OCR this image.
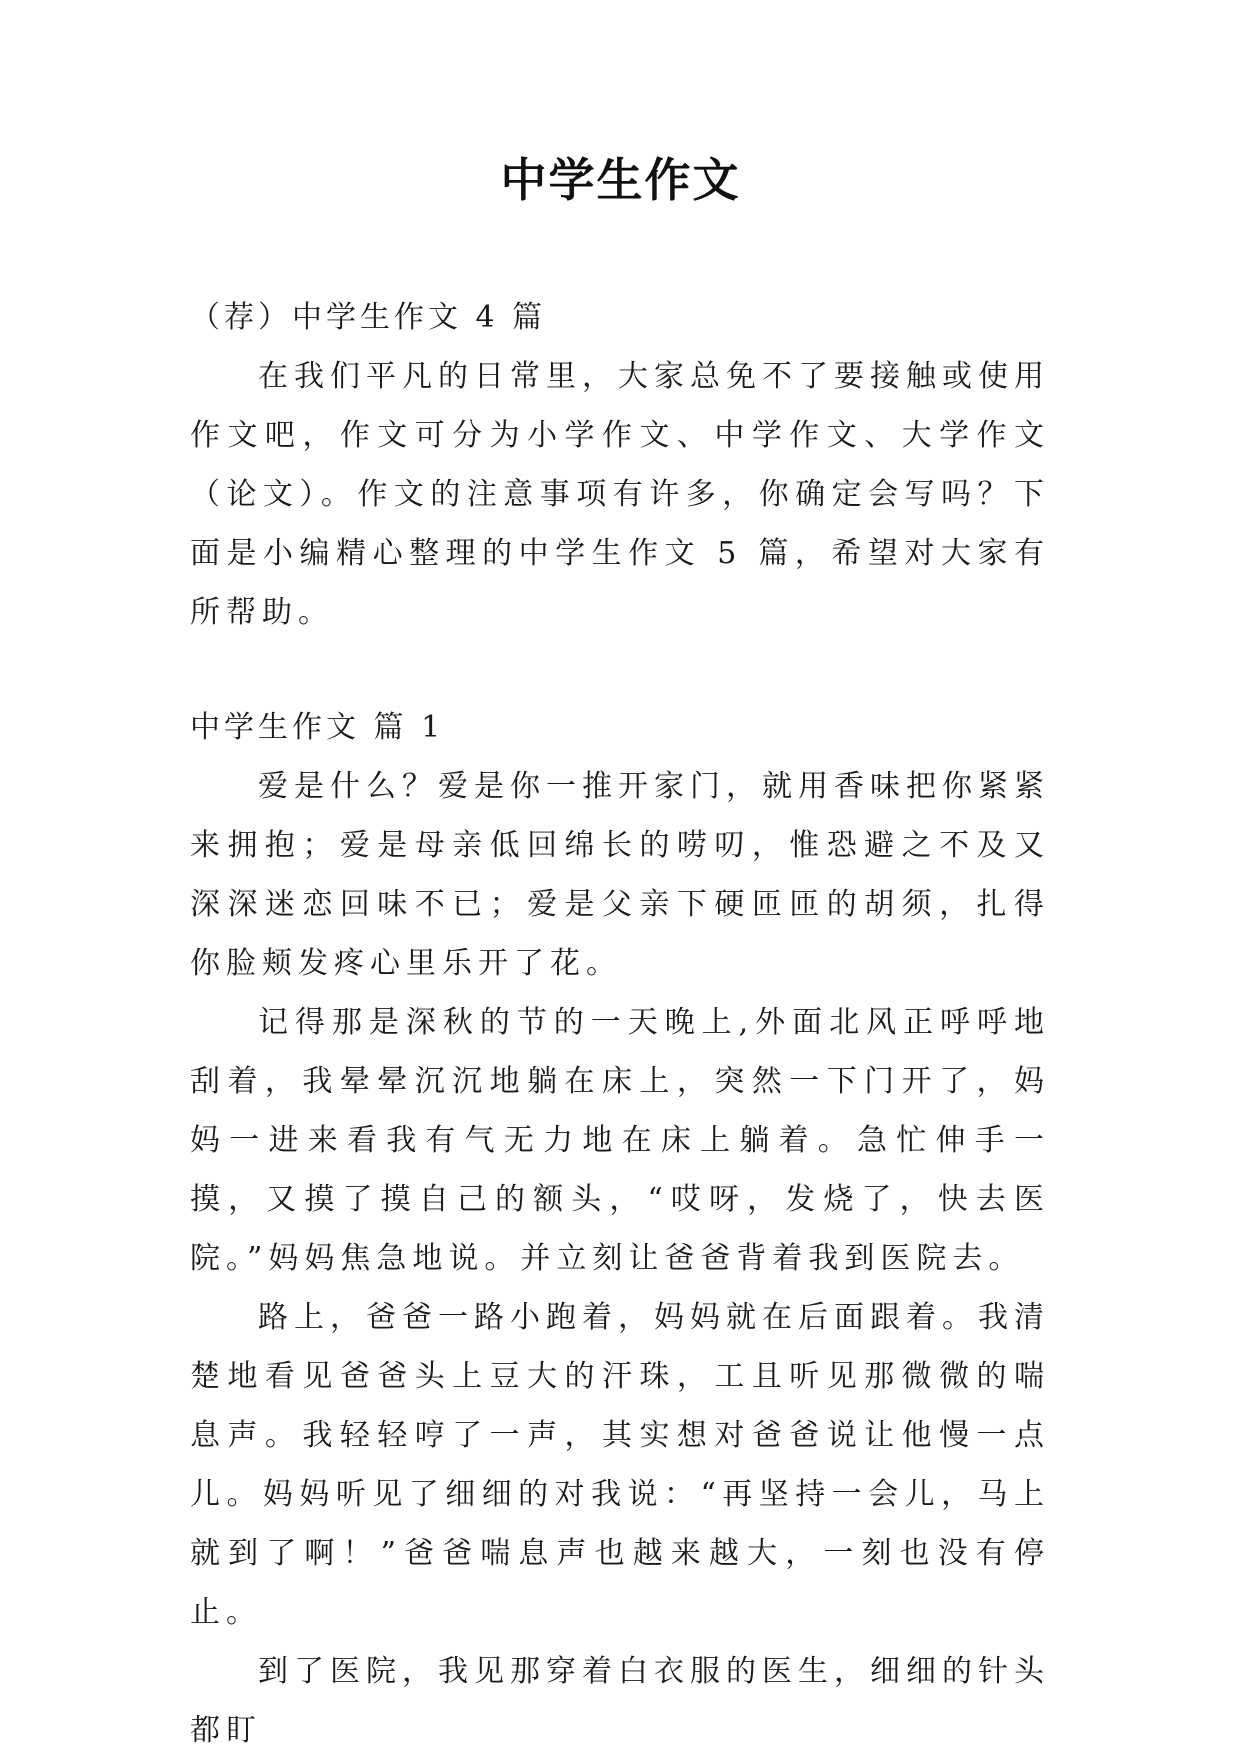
中学生作文

（荐）中学生作文 4 篇

在我们平凡的日常里，大家总免不了要接触或使用作文吧，作文可分为小学作文、中学作文、大学作文（论文）。作文的注意事项有许多，你确定会写吗？下面是小编精心整理的中学生作文 5 篇，希望对大家有所帮助。

中学生作文 篇 1

爱是什么？爱是你一推开家门，就用香味把你紧紧来拥抱；爱是母亲低回绵长的唠叨，惟恐避之不及又深深迷恋回味不已；爱是父亲下硬匝匝的胡须，扎得你脸颊发疼心里乐开了花。

记得那是深秋的节的一天晚上,外面北风正呼呼地刮着，我晕晕沉沉地躺在床上，突然一下门开了，妈妈一进来看我有气无力地在床上躺着。急忙伸手一摸，又摸了摸自己的额头，“哎呀，发烧了，快去医院。”妈妈焦急地说。并立刻让爸爸背着我到医院去。

路上，爸爸一路小跑着，妈妈就在后面跟着。我清楚地看见爸爸头上豆大的汗珠，工且听见那微微的喘息声。我轻轻哼了一声，其实想对爸爸说让他慢一点儿。妈妈听见了细细的对我说：“再坚持一会儿，马上就到了啊！”爸爸喘息声也越来越大，一刻也没有停止。

到了医院，我见那穿着白衣服的医生，细细的针头都盯
